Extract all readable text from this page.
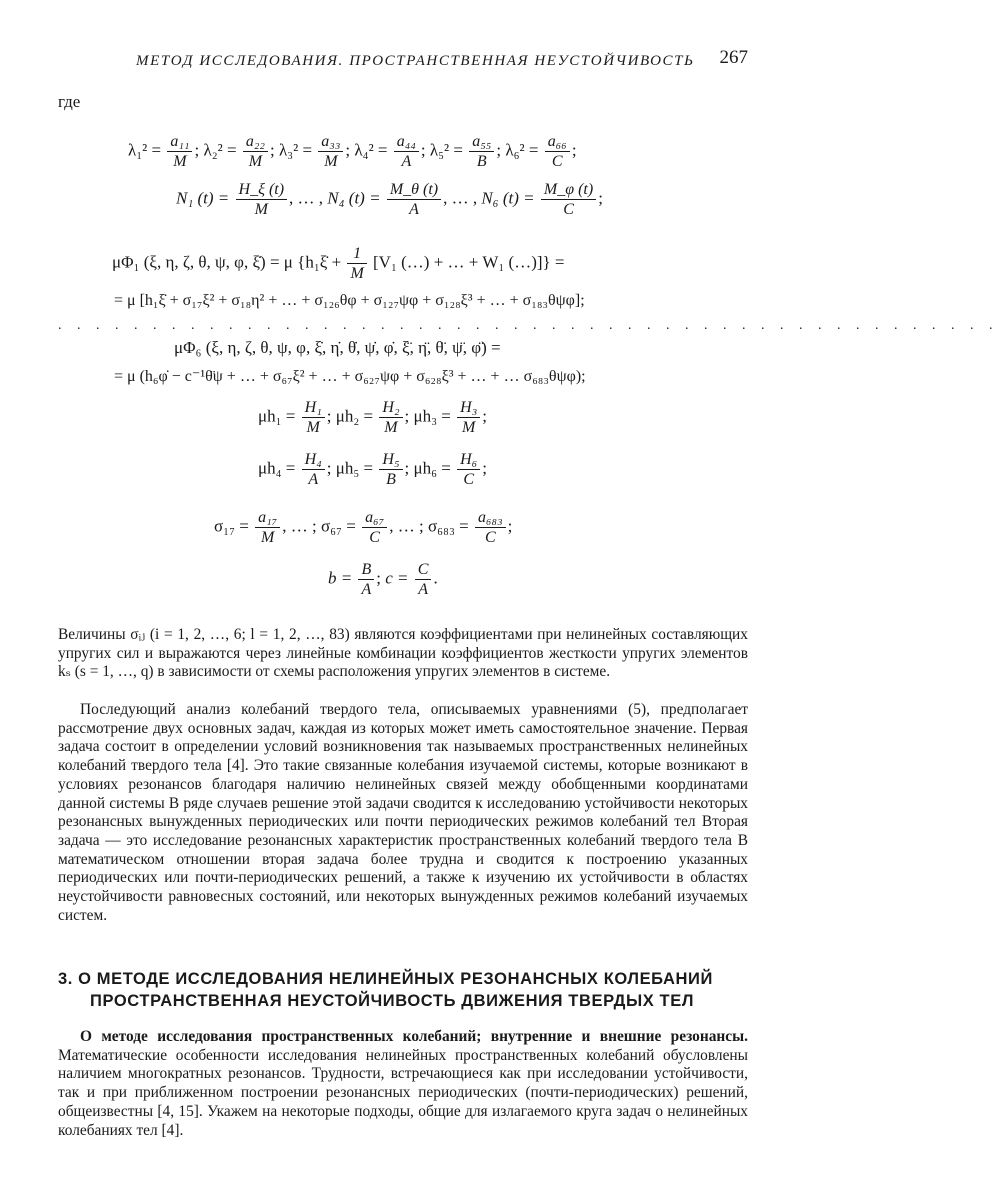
МЕТОД ИССЛЕДОВАНИЯ. ПРОСТРАНСТВЕННАЯ НЕУСТОЙЧИВОСТЬ 267
где
$\lambda_1^2 = \frac{\text{a₁₁}}{M}$ ; $\lambda_2^2 = \frac{\text{a₂₂}}{M}$ ; $\lambda_3^2 = \frac{\text{a₃₃}}{M}$ ; $\lambda_4^2 = \frac{\text{a₄₄}}{A}$ ; $\lambda_5^2 = \frac{\text{a₅₅}}{B}$ ; $\lambda_6^2 = \frac{\text{a₆₆}}{C}$ ;
N₁ $(t) = \frac{H\_\xi (t)}{M}$ , … , N₄ $(t) = \frac{M\_\theta (t)}{A}$ , … , N₆ $(t) = \frac{M\_\varphi (t)}{C}$ ;
μΦ₁ (ξ, η, ζ, θ, ψ, φ, ξ̇) = μ {h₁ξ̇ + $\frac{1}{M} [V_1$ (…) + … + W₁ (…)]} =
= μ [h₁ξ̇ + σ₁₇ξ² + σ₁₈η² + … + σ₁₂₆θφ + σ₁₂₇ψφ + σ₁₂₈ξ³ + … + σ₁₈₃θψφ];
. . . . . . . . . . . . . . . . . . . . . . . . . . . . . . . . . . . . . . . . . . . . . . . . . .
μΦ₆ (ξ, η, ζ, θ, ψ, φ, ξ̇, η̇, θ̇, ψ̇, φ̇, ξ̈, η̈, θ̈, ψ̈, φ̈) =
= μ (h₆φ̇ − c⁻¹θ̈ψ + … + σ₆₇ξ² + … + σ₆₂₇ψφ + σ₆₂₈ξ³ + … + … σ₆₈₃θψφ);
$\mu h_1 = \frac{\text{H₁}}{M}$ ; $\mu h_2 = \frac{\text{H₂}}{M}$ ; $\mu h_3 = \frac{\text{H₃}}{M}$ ;
$\mu h_4 = \frac{\text{H₄}}{A}$ ; $\mu h_5 = \frac{\text{H₅}}{B}$ ; $\mu h_6 = \frac{\text{H₆}}{C}$ ;
$\sigma_{17} = \frac{\text{a₁₇}}{M}$ , … ; $\sigma_{67} = \frac{\text{a₆₇}}{C}$ , … ; $\sigma_{683} = \frac{\text{a₆₈₃}}{C}$ ;
$b = \frac{B}{A}$ ; $c = \frac{C}{A}$ .

Величины σᵢⱼ (i = 1, 2, …, 6; l = 1, 2, …, 83) являются коэффициентами при нелинейных составляющих упругих сил и выражаются через линейные комбинации коэффициентов жесткости упругих элементов kₛ (s = 1, …, q) в зависимости от схемы расположения упругих элементов в системе.

Последующий анализ колебаний твердого тела, описываемых уравнениями (5), предполагает рассмотрение двух основных задач, каждая из которых может иметь самостоятельное значение. Первая задача состоит в определении условий возникновения так называемых пространственных нелинейных колебаний твердого тела [4]. Это такие связанные колебания изучаемой системы, которые возникают в условиях резонансов благодаря наличию нелинейных связей между обобщенными координатами данной системы В ряде случаев решение этой задачи сводится к исследованию устойчивости некоторых резонансных вынужденных периодических или почти периодических режимов колебаний тел Вторая задача — это исследование резонансных характеристик пространственных колебаний твердого тела В математическом отношении вторая задача более трудна и сводится к построению указанных периодических или почти-периодических решений, а также к изучению их устойчивости в областях неустойчивости равновесных состояний, или некоторых вынужденных режимов колебаний изучаемых систем.

3. О МЕТОДЕ ИССЛЕДОВАНИЯ НЕЛИНЕЙНЫХ РЕЗОНАНСНЫХ КОЛЕБАНИЙ
ПРОСТРАНСТВЕННАЯ НЕУСТОЙЧИВОСТЬ ДВИЖЕНИЯ ТВЕРДЫХ ТЕЛ

О методе исследования пространственных колебаний; внутренние и внешние резонансы. Математические особенности исследования нелинейных пространственных колебаний обусловлены наличием многократных резонансов. Трудности, встречающиеся как при исследовании устойчивости, так и при приближенном построении резонансных периодических (почти-периодических) решений, общеизвестны [4, 15]. Укажем на некоторые подходы, общие для излагаемого круга задач о нелинейных колебаниях тел [4].
